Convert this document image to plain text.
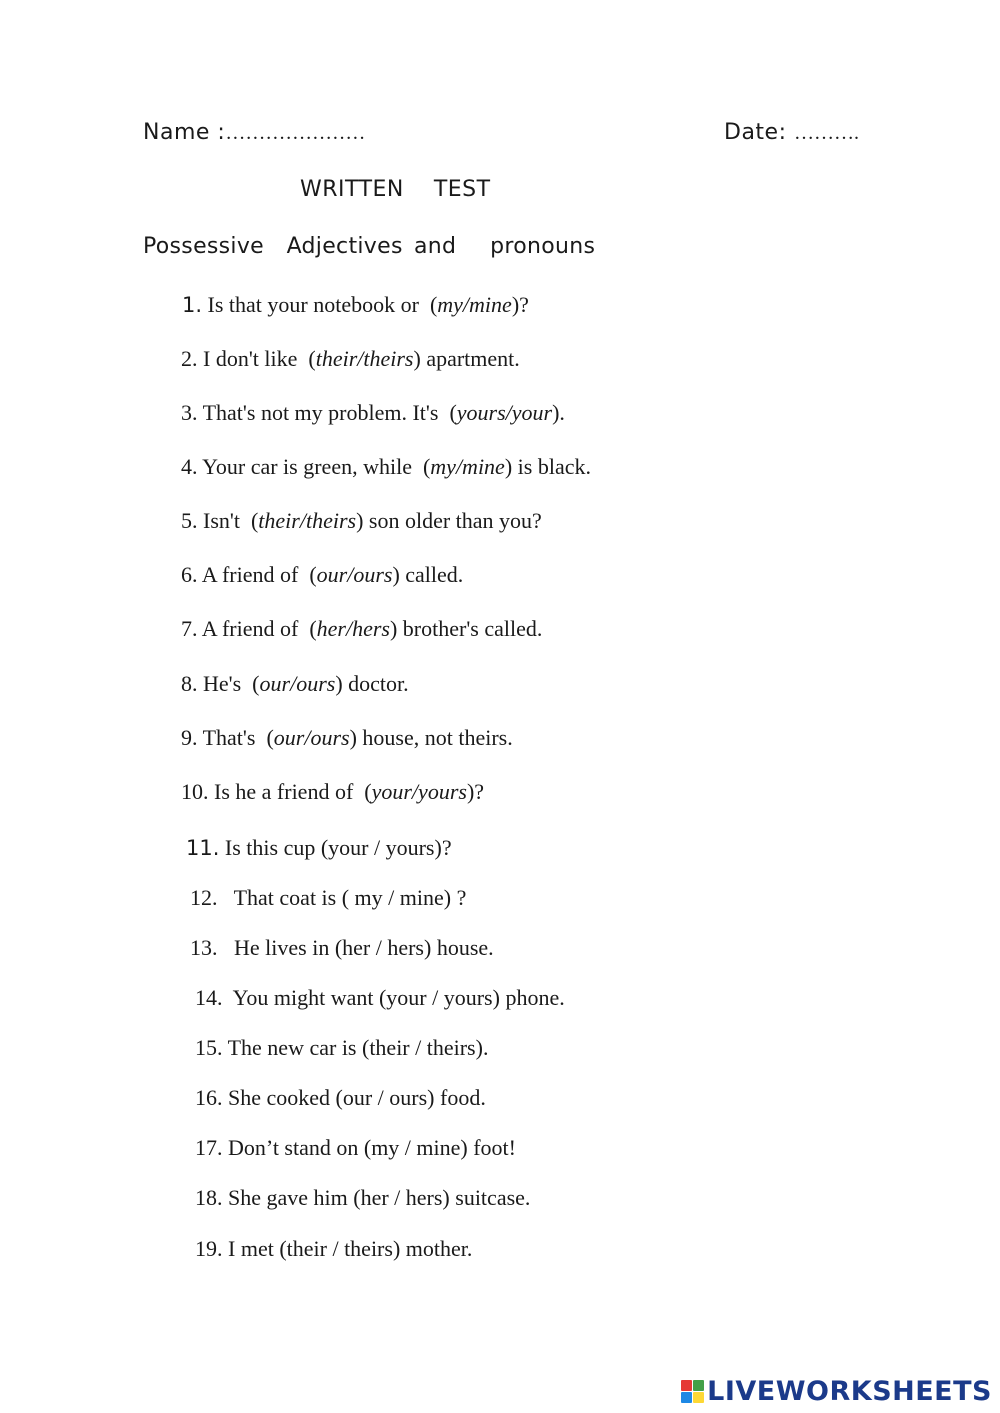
Name :…………………	Date: ……….
WRITTEN    TEST
Possessive  Adjectives and   pronouns
1. Is that your notebook or  (my/mine)?
2. I don't like  (their/theirs) apartment.
3. That's not my problem. It's  (yours/your).
4. Your car is green, while  (my/mine) is black.
5. Isn't  (their/theirs) son older than you?
6. A friend of  (our/ours) called.
7. A friend of  (her/hers) brother's called.
8. He's  (our/ours) doctor.
9. That's  (our/ours) house, not theirs.
10. Is he a friend of  (your/yours)?
11. Is this cup (your / yours)?
12.   That coat is ( my / mine) ?
13.   He lives in (her / hers) house.
14.  You might want (your / yours) phone.
15. The new car is (their / theirs).
16. She cooked (our / ours) food.
17. Don’t stand on (my / mine) foot!
18. She gave him (her / hers) suitcase.
19. I met (their / theirs) mother.
LIVEWORKSHEETS
